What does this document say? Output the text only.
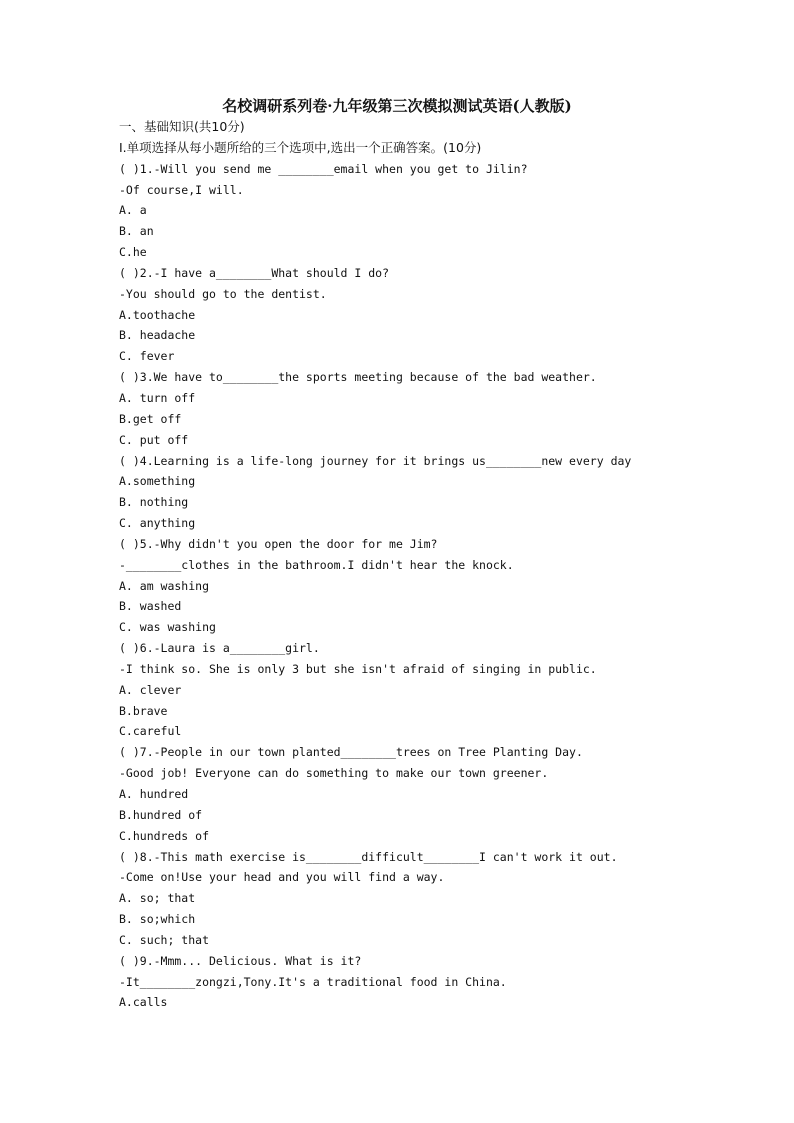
名校调研系列卷·九年级第三次模拟测试英语(人教版)
一、基础知识(共10分)
I.单项选择从每小题所给的三个选项中,选出一个正确答案。(10分)
( )1.-Will you send me ________email when you get to Jilin?
-Of course,I will.
A. a
B. an
C.he
( )2.-I have a________What should I do?
-You should go to the dentist.
A.toothache
B. headache
C. fever
( )3.We have to________the sports meeting because of the bad weather.
A. turn off
B.get off
C. put off
( )4.Learning is a life-long journey for it brings us________new every day
A.something
B. nothing
C. anything
( )5.-Why didn't you open the door for me Jim?
-________clothes in the bathroom.I didn't hear the knock.
A. am washing
B. washed
C. was washing
( )6.-Laura is a________girl.
-I think so. She is only 3 but she isn't afraid of singing in public.
A. clever
B.brave
C.careful
( )7.-People in our town planted________trees on Tree Planting Day.
-Good job! Everyone can do something to make our town greener.
A. hundred
B.hundred of
C.hundreds of
( )8.-This math exercise is________difficult________I can't work it out.
-Come on!Use your head and you will find a way.
A. so; that
B. so;which
C. such; that
( )9.-Mmm... Delicious. What is it?
-It________zongzi,Tony.It's a traditional food in China.
A.calls
